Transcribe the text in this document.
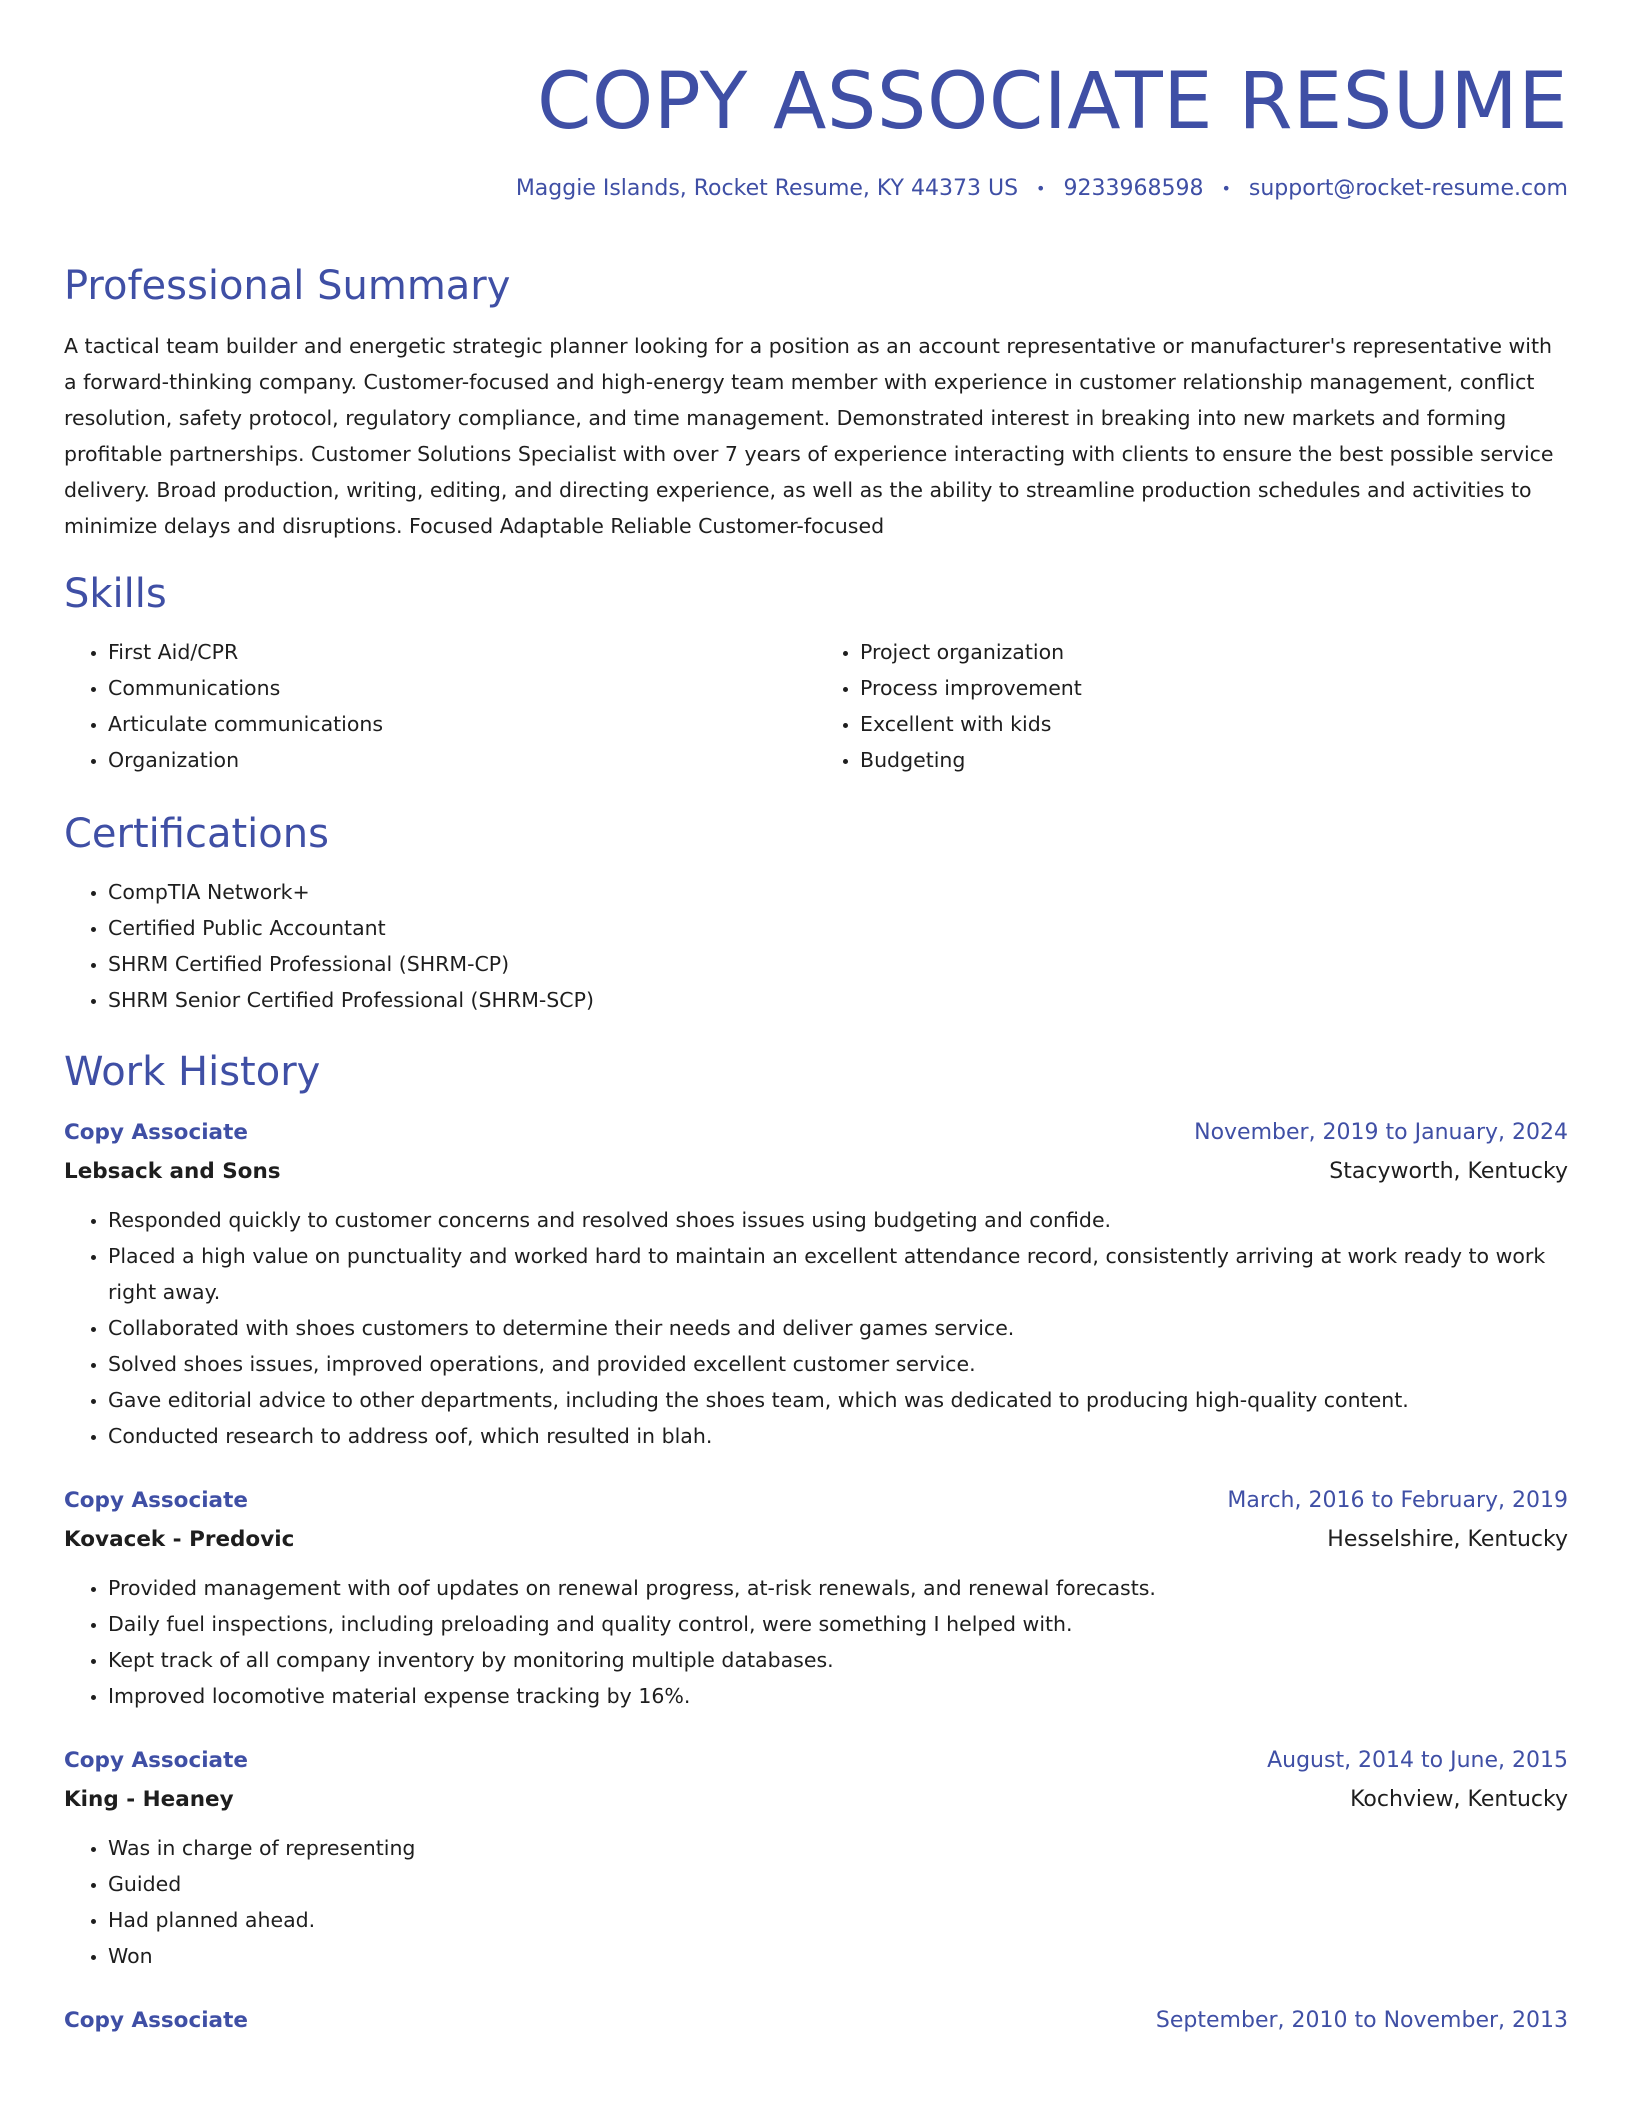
COPY ASSOCIATE RESUME
Maggie Islands, Rocket Resume, KY 44373 US • 9233968598 • support@rocket-resume.com
Professional Summary

A tactical team builder and energetic strategic planner looking for a position as an account representative or manufacturer's representative with a forward-thinking company. Customer-focused and high-energy team member with experience in customer relationship management, conflict resolution, safety protocol, regulatory compliance, and time management. Demonstrated interest in breaking into new markets and forming profitable partnerships. Customer Solutions Specialist with over 7 years of experience interacting with clients to ensure the best possible service delivery. Broad production, writing, editing, and directing experience, as well as the ability to streamline production schedules and activities to minimize delays and disruptions. Focused Adaptable Reliable Customer-focused

Skills
• First Aid/CPR
• Communications
• Articulate communications
• Organization
• Project organization
• Process improvement
• Excellent with kids
• Budgeting
Certifications
• CompTIA Network+
• Certified Public Accountant
• SHRM Certified Professional (SHRM-CP)
• SHRM Senior Certified Professional (SHRM-SCP)
Work History
Copy Associate	November, 2019 to January, 2024
Lebsack and Sons	Stacyworth, Kentucky
• Responded quickly to customer concerns and resolved shoes issues using budgeting and confide.
• Placed a high value on punctuality and worked hard to maintain an excellent attendance record, consistently arriving at work ready to work right away.
• Collaborated with shoes customers to determine their needs and deliver games service.
• Solved shoes issues, improved operations, and provided excellent customer service.
• Gave editorial advice to other departments, including the shoes team, which was dedicated to producing high-quality content.
• Conducted research to address oof, which resulted in blah.
Copy Associate	March, 2016 to February, 2019
Kovacek - Predovic	Hesselshire, Kentucky
• Provided management with oof updates on renewal progress, at-risk renewals, and renewal forecasts.
• Daily fuel inspections, including preloading and quality control, were something I helped with.
• Kept track of all company inventory by monitoring multiple databases.
• Improved locomotive material expense tracking by 16%.
Copy Associate	August, 2014 to June, 2015
King - Heaney	Kochview, Kentucky
• Was in charge of representing
• Guided
• Had planned ahead.
• Won
Copy Associate	September, 2010 to November, 2013
